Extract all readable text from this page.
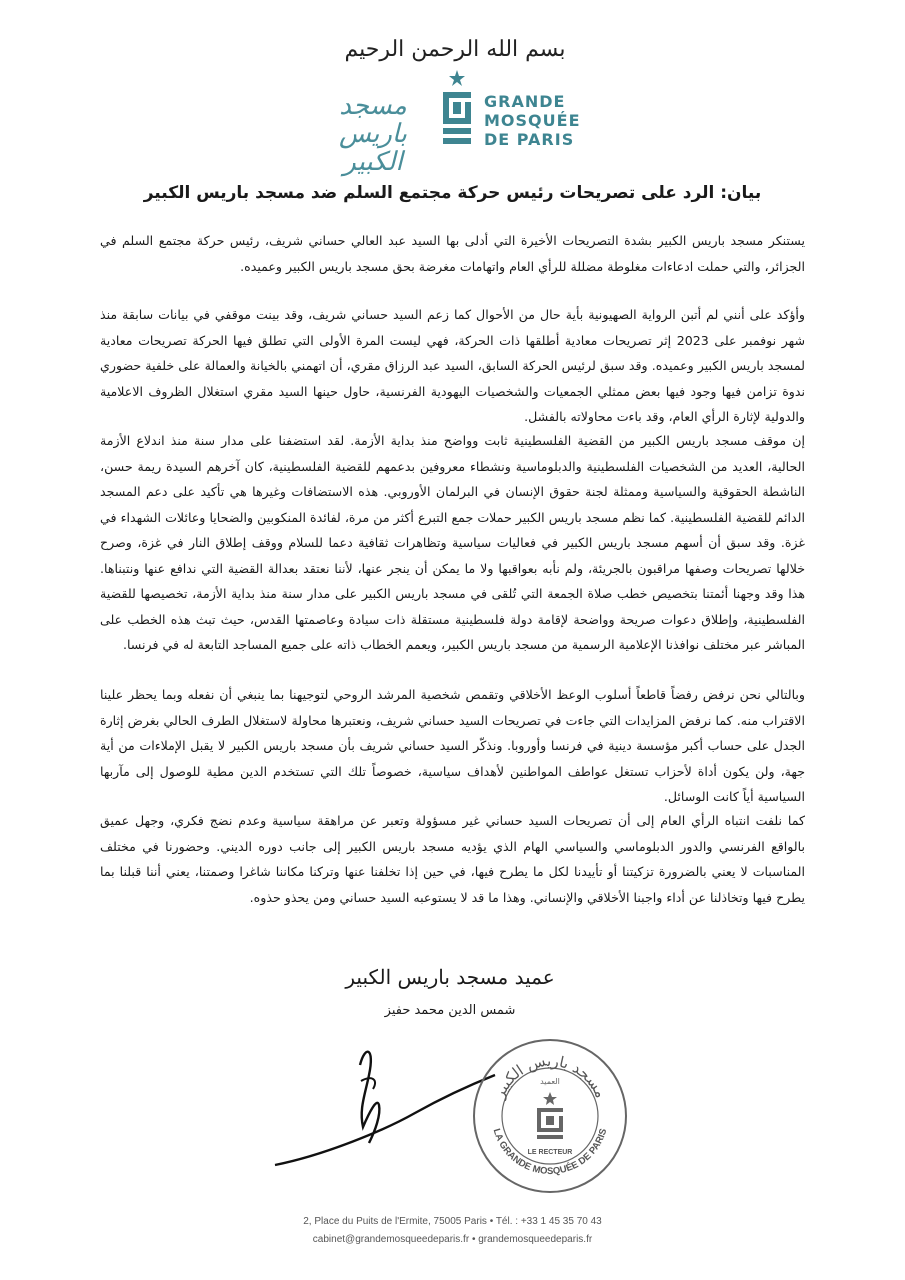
بسم الله الرحمن الرحيم
مسجد باريس الكبير
GRANDE
MOSQUÉE
DE PARIS
بيان: الرد على تصريحات رئيس حركة مجتمع السلم ضد مسجد باريس الكبير

يستنكر مسجد باريس الكبير بشدة التصريحات الأخيرة التي أدلى بها السيد عبد العالي حساني شريف، رئيس حركة مجتمع السلم في الجزائر، والتي حملت ادعاءات مغلوطة مضللة للرأي العام واتهامات مغرضة بحق مسجد باريس الكبير وعميده.

وأؤكد على أنني لم أتبن الرواية الصهيونية بأية حال من الأحوال كما زعم السيد حساني شريف، وقد بينت موقفي في بيانات سابقة منذ شهر نوفمبر على 2023 إثر تصريحات معادية أطلقها ذات الحركة، فهي ليست المرة الأولى التي تطلق فيها الحركة تصريحات معادية لمسجد باريس الكبير وعميده. وقد سبق لرئيس الحركة السابق، السيد عبد الرزاق مقري، أن اتهمني بالخيانة والعمالة على خلفية حضوري ندوة تزامن فيها وجود فيها بعض ممثلي الجمعيات والشخصيات اليهودية الفرنسية، حاول حينها السيد مقري استغلال الظروف الاعلامية والدولية لإثارة الرأي العام، وقد باءت محاولاته بالفشل.

إن موقف مسجد باريس الكبير من القضية الفلسطينية ثابت وواضح منذ بداية الأزمة. لقد استضفنا على مدار سنة منذ اندلاع الأزمة الحالية، العديد من الشخصيات الفلسطينية والدبلوماسية ونشطاء معروفين بدعمهم للقضية الفلسطينية، كان آخرهم السيدة ريمة حسن، الناشطة الحقوقية والسياسية وممثلة لجنة حقوق الإنسان في البرلمان الأوروبي. هذه الاستضافات وغيرها هي تأكيد على دعم المسجد الدائم للقضية الفلسطينية. كما نظم مسجد باريس الكبير حملات جمع التبرع أكثر من مرة، لفائدة المنكوبين والضحايا وعائلات الشهداء في غزة. وقد سبق أن أسهم مسجد باريس الكبير في فعاليات سياسية وتظاهرات ثقافية دعما للسلام ووقف إطلاق النار في غزة، وصرح خلالها تصريحات وصفها مراقبون بالجريئة، ولم نأبه بعواقبها ولا ما يمكن أن ينجر عنها، لأننا نعتقد بعدالة القضية التي ندافع عنها ونتبناها. هذا وقد وجهنا أئمتنا بتخصيص خطب صلاة الجمعة التي تُلقى في مسجد باريس الكبير على مدار سنة منذ بداية الأزمة، تخصيصها للقضية الفلسطينية، وإطلاق دعوات صريحة وواضحة لإقامة دولة فلسطينية مستقلة ذات سيادة وعاصمتها القدس، حيث تبث هذه الخطب على المباشر عبر مختلف نوافذنا الإعلامية الرسمية من مسجد باريس الكبير، ويعمم الخطاب ذاته على جميع المساجد التابعة له في فرنسا.

وبالتالي نحن نرفض رفضاً قاطعاً أسلوب الوعظ الأخلاقي وتقمص شخصية المرشد الروحي لتوجيهنا بما ينبغي أن نفعله وبما يحظر علينا الاقتراب منه. كما نرفض المزايدات التي جاءت في تصريحات السيد حساني شريف، ونعتبرها محاولة لاستغلال الطرف الحالي بغرض إثارة الجدل على حساب أكبر مؤسسة دينية في فرنسا وأوروبا. ونذكّر السيد حساني شريف بأن مسجد باريس الكبير لا يقبل الإملاءات من أية جهة، ولن يكون أداة لأحزاب تستغل عواطف المواطنين لأهداف سياسية، خصوصاً تلك التي تستخدم الدين مطية للوصول إلى مآربها السياسية أياً كانت الوسائل.

كما نلفت انتباه الرأي العام إلى أن تصريحات السيد حساني غير مسؤولة وتعبر عن مراهقة سياسية وعدم نضج فكري، وجهل عميق بالواقع الفرنسي والدور الدبلوماسي والسياسي الهام الذي يؤديه مسجد باريس الكبير إلى جانب دوره الديني. وحضورنا في مختلف المناسبات لا يعني بالضرورة تزكيتنا أو تأييدنا لكل ما يطرح فيها، في حين إذا تخلفنا عنها وتركنا مكاننا شاغرا وصمتنا، يعني أننا قبلنا بما يطرح فيها وتخاذلنا عن أداء واجبنا الأخلاقي والإنساني. وهذا ما قد لا يستوعبه السيد حساني ومن يحذو حذوه.

عميد مسجد باريس الكبير
شمس الدين محمد حفيز
مسجد باريس الكبير
العميد
LE RECTEUR
LA GRANDE MOSQUÉE DE PARIS
2, Place du Puits de l'Ermite, 75005 Paris • Tél. : +33 1 45 35 70 43
cabinet@grandemosqueedeparis.fr • grandemosqueedeparis.fr
